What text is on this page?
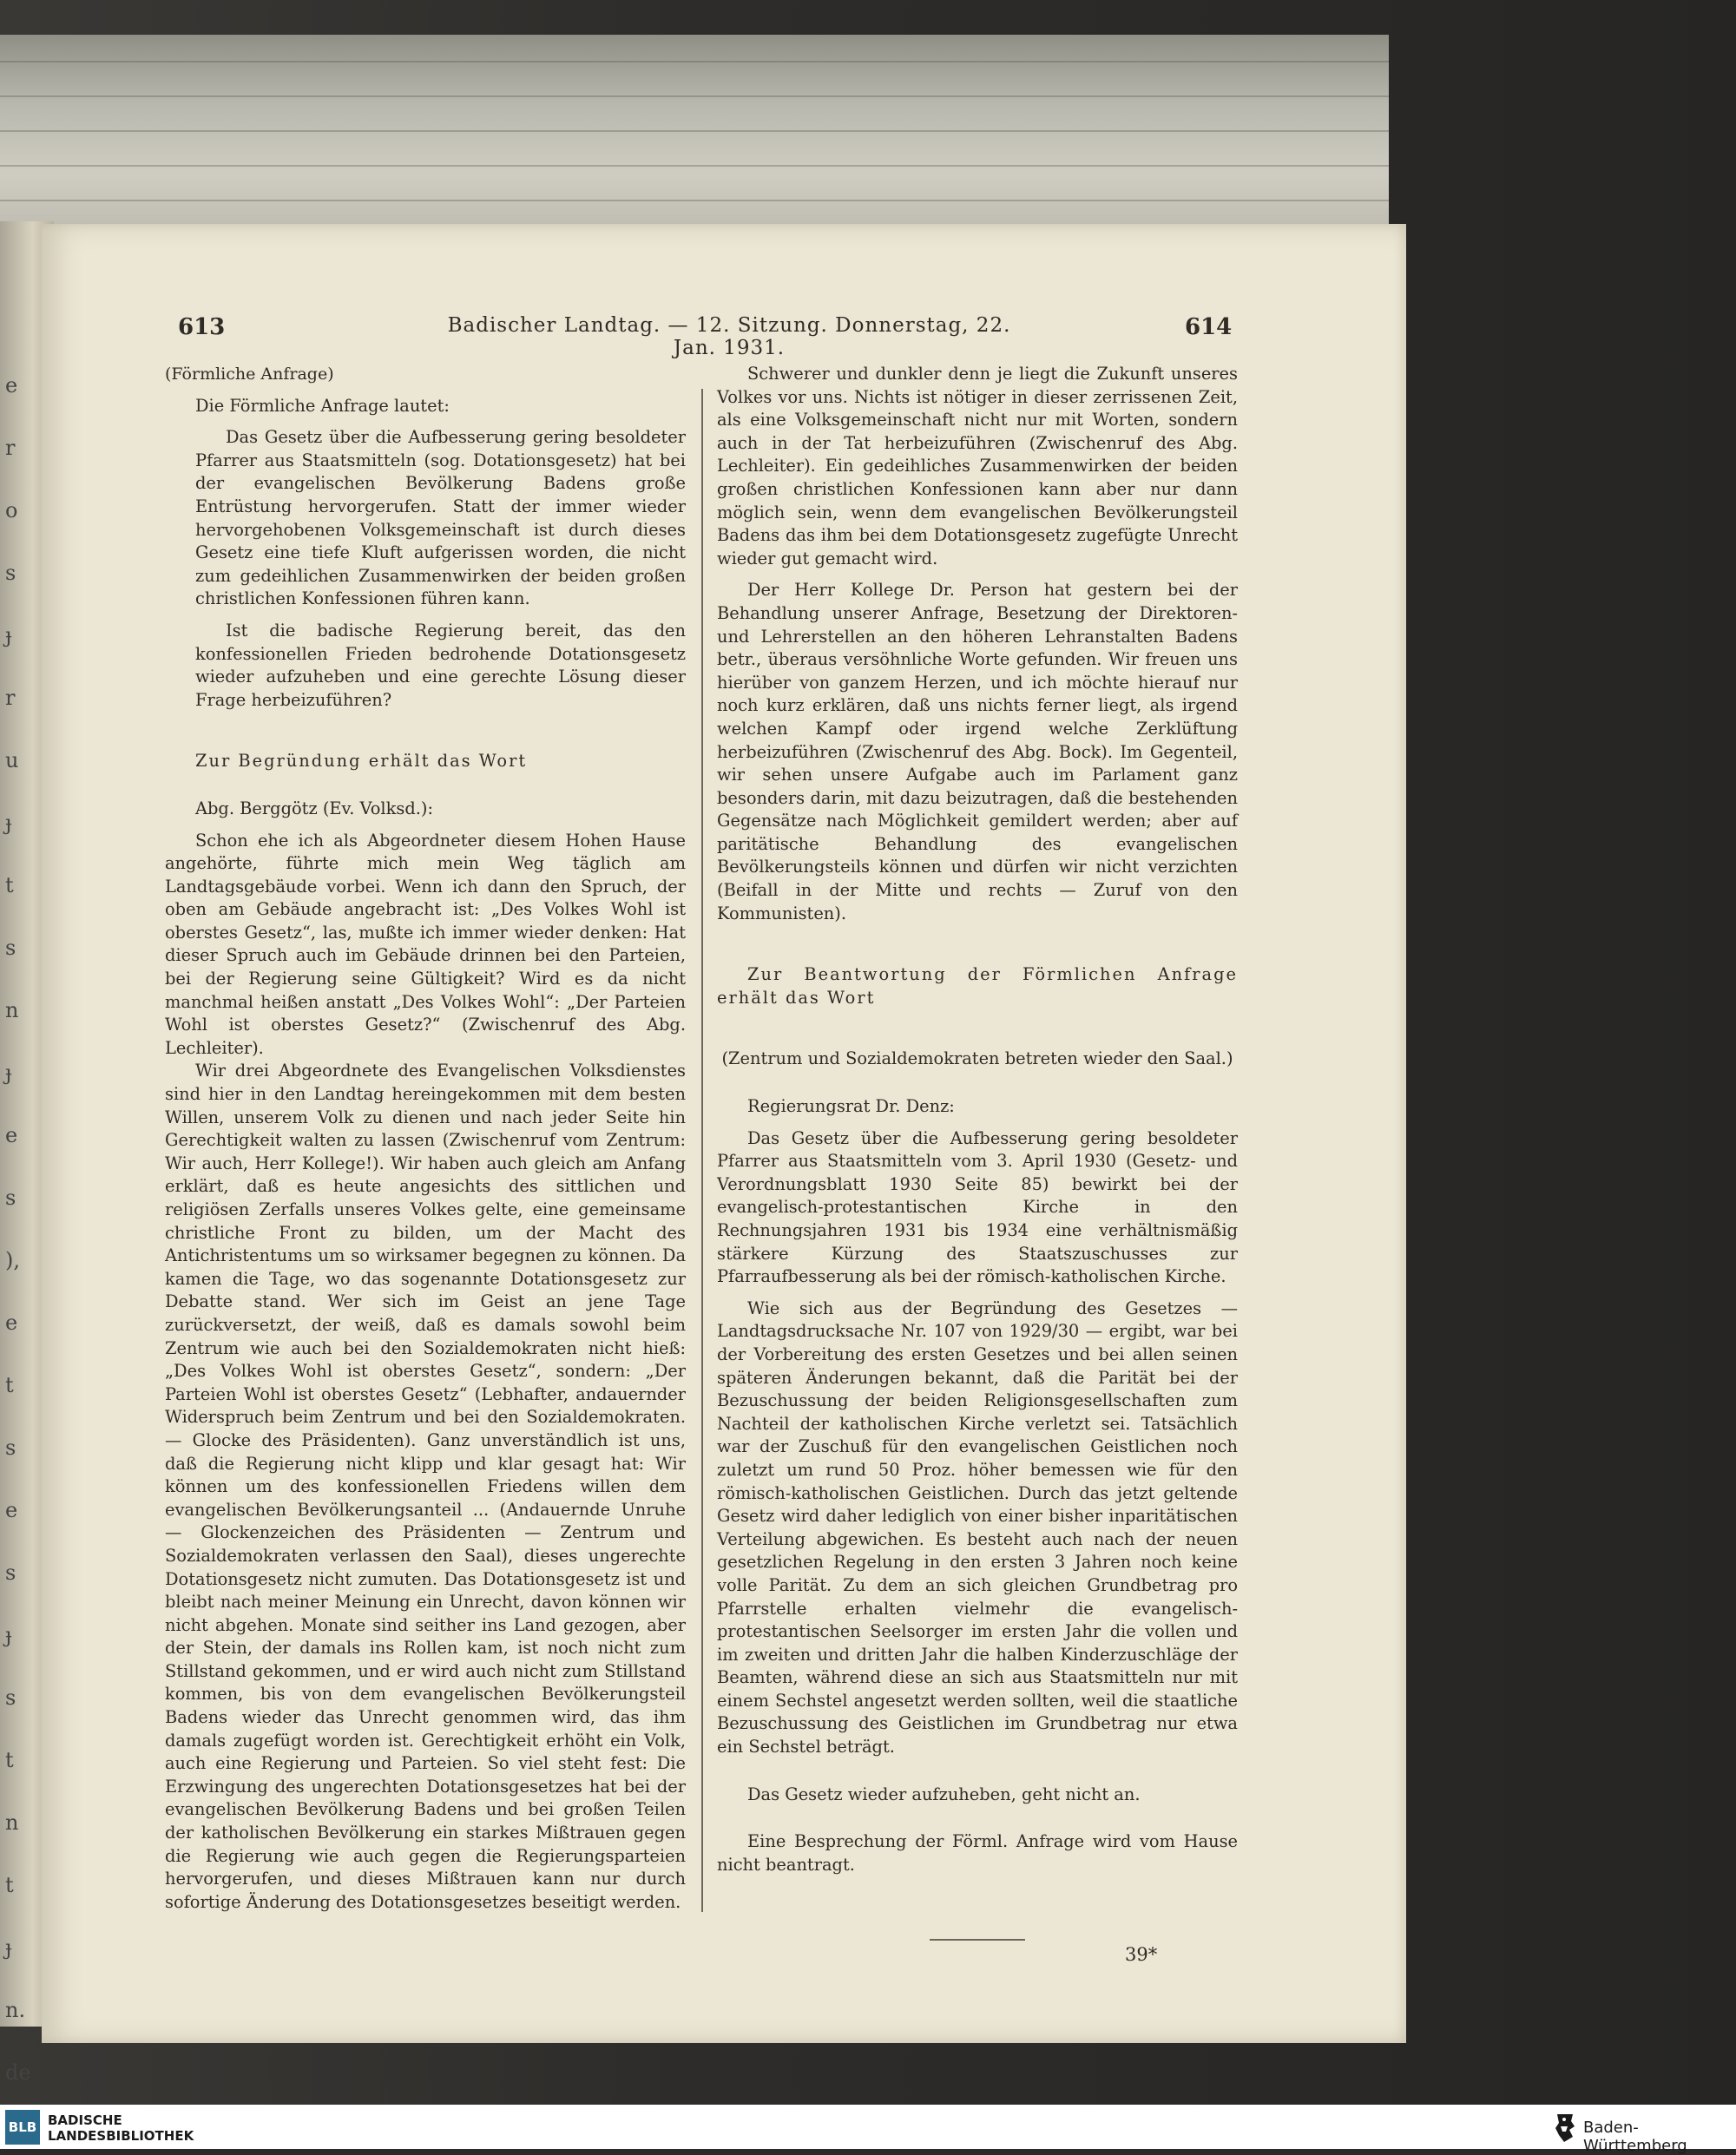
e
r
o
s
ɟ
r
u
ɟ
t
s
n
ɟ
e
s
),
e
t
s
e
s
ɟ
s
t
n
t
ɟ
n.
de
613	Badischer Landtag. — 12. Sitzung. Donnerstag, 22. Jan. 1931.
614

(Förmliche Anfrage)

Die Förmliche Anfrage lautet:

Das Gesetz über die Aufbesserung gering besoldeter Pfarrer aus Staatsmitteln (sog. Dotationsgesetz) hat bei der evangelischen Bevölkerung Badens große Entrüstung hervorgerufen. Statt der immer wieder hervorgehobenen Volksgemeinschaft ist durch dieses Gesetz eine tiefe Kluft aufgerissen worden, die nicht zum gedeihlichen Zusammenwirken der beiden großen christlichen Konfessionen führen kann.

Ist die badische Regierung bereit, das den konfessionellen Frieden bedrohende Dotationsgesetz wieder aufzuheben und eine gerechte Lösung dieser Frage herbeizuführen?

Zur Begründung erhält das Wort

Abg. Berggötz (Ev. Volksd.):

Schon ehe ich als Abgeordneter diesem Hohen Hause angehörte, führte mich mein Weg täglich am Landtagsgebäude vorbei. Wenn ich dann den Spruch, der oben am Gebäude angebracht ist: „Des Volkes Wohl ist oberstes Gesetz“, las, mußte ich immer wieder denken: Hat dieser Spruch auch im Gebäude drinnen bei den Parteien, bei der Regierung seine Gültigkeit? Wird es da nicht manchmal heißen anstatt „Des Volkes Wohl“: „Der Parteien Wohl ist oberstes Gesetz?“ (Zwischenruf des Abg. Lechleiter).

Wir drei Abgeordnete des Evangelischen Volksdienstes sind hier in den Landtag hereingekommen mit dem besten Willen, unserem Volk zu dienen und nach jeder Seite hin Gerechtigkeit walten zu lassen (Zwischenruf vom Zentrum: Wir auch, Herr Kollege!). Wir haben auch gleich am Anfang erklärt, daß es heute angesichts des sittlichen und religiösen Zerfalls unseres Volkes gelte, eine gemeinsame christliche Front zu bilden, um der Macht des Antichristentums um so wirksamer begegnen zu können. Da kamen die Tage, wo das sogenannte Dotationsgesetz zur Debatte stand. Wer sich im Geist an jene Tage zurückversetzt, der weiß, daß es damals sowohl beim Zentrum wie auch bei den Sozialdemokraten nicht hieß: „Des Volkes Wohl ist oberstes Gesetz“, sondern: „Der Parteien Wohl ist oberstes Gesetz“ (Lebhafter, andauernder Widerspruch beim Zentrum und bei den Sozialdemokraten. — Glocke des Präsidenten). Ganz unverständlich ist uns, daß die Regierung nicht klipp und klar gesagt hat: Wir können um des konfessionellen Friedens willen dem evangelischen Bevölkerungsanteil ... (Andauernde Unruhe — Glockenzeichen des Präsidenten — Zentrum und Sozialdemokraten verlassen den Saal), dieses ungerechte Dotationsgesetz nicht zumuten. Das Dotationsgesetz ist und bleibt nach meiner Meinung ein Unrecht, davon können wir nicht abgehen. Monate sind seither ins Land gezogen, aber der Stein, der damals ins Rollen kam, ist noch nicht zum Stillstand gekommen, und er wird auch nicht zum Stillstand kommen, bis von dem evangelischen Bevölkerungsteil Badens wieder das Unrecht genommen wird, das ihm damals zugefügt worden ist. Gerechtigkeit erhöht ein Volk, auch eine Regierung und Parteien. So viel steht fest: Die Erzwingung des ungerechten Dotationsgesetzes hat bei der evangelischen Bevölkerung Badens und bei großen Teilen der katholischen Bevölkerung ein starkes Mißtrauen gegen die Regierung wie auch gegen die Regierungsparteien hervorgerufen, und dieses Mißtrauen kann nur durch sofortige Änderung des Dotationsgesetzes beseitigt werden.

Schwerer und dunkler denn je liegt die Zukunft unseres Volkes vor uns. Nichts ist nötiger in dieser zerrissenen Zeit, als eine Volksgemeinschaft nicht nur mit Worten, sondern auch in der Tat herbeizuführen (Zwischenruf des Abg. Lechleiter). Ein gedeihliches Zusammenwirken der beiden großen christlichen Konfessionen kann aber nur dann möglich sein, wenn dem evangelischen Bevölkerungsteil Badens das ihm bei dem Dotationsgesetz zugefügte Unrecht wieder gut gemacht wird.

Der Herr Kollege Dr. Person hat gestern bei der Behandlung unserer Anfrage, Besetzung der Direktoren- und Lehrerstellen an den höheren Lehranstalten Badens betr., überaus versöhnliche Worte gefunden. Wir freuen uns hierüber von ganzem Herzen, und ich möchte hierauf nur noch kurz erklären, daß uns nichts ferner liegt, als irgend welchen Kampf oder irgend welche Zerklüftung herbeizuführen (Zwischenruf des Abg. Bock). Im Gegenteil, wir sehen unsere Aufgabe auch im Parlament ganz besonders darin, mit dazu beizutragen, daß die bestehenden Gegensätze nach Möglichkeit gemildert werden; aber auf paritätische Behandlung des evangelischen Bevölkerungsteils können und dürfen wir nicht verzichten (Beifall in der Mitte und rechts — Zuruf von den Kommunisten).

Zur Beantwortung der Förmlichen Anfrage erhält das Wort

(Zentrum und Sozialdemokraten betreten wieder den Saal.)

Regierungsrat Dr. Denz:

Das Gesetz über die Aufbesserung gering besoldeter Pfarrer aus Staatsmitteln vom 3. April 1930 (Gesetz- und Verordnungsblatt 1930 Seite 85) bewirkt bei der evangelisch-protestantischen Kirche in den Rechnungsjahren 1931 bis 1934 eine verhältnismäßig stärkere Kürzung des Staatszuschusses zur Pfarraufbesserung als bei der römisch-katholischen Kirche.

Wie sich aus der Begründung des Gesetzes — Landtagsdrucksache Nr. 107 von 1929/30 — ergibt, war bei der Vorbereitung des ersten Gesetzes und bei allen seinen späteren Änderungen bekannt, daß die Parität bei der Bezuschussung der beiden Religionsgesellschaften zum Nachteil der katholischen Kirche verletzt sei. Tatsächlich war der Zuschuß für den evangelischen Geistlichen noch zuletzt um rund 50 Proz. höher bemessen wie für den römisch-katholischen Geistlichen. Durch das jetzt geltende Gesetz wird daher lediglich von einer bisher inparitätischen Verteilung abgewichen. Es besteht auch nach der neuen gesetzlichen Regelung in den ersten 3 Jahren noch keine volle Parität. Zu dem an sich gleichen Grundbetrag pro Pfarrstelle erhalten vielmehr die evangelisch-protestantischen Seelsorger im ersten Jahr die vollen und im zweiten und dritten Jahr die halben Kinderzuschläge der Beamten, während diese an sich aus Staatsmitteln nur mit einem Sechstel angesetzt werden sollten, weil die staatliche Bezuschussung des Geistlichen im Grundbetrag nur etwa ein Sechstel beträgt.

Das Gesetz wieder aufzuheben, geht nicht an.

Eine Besprechung der Förml. Anfrage wird vom Hause nicht beantragt.

39*
BLB BADISCHE
LANDESBIBLIOTHEK	Baden-Württemberg
